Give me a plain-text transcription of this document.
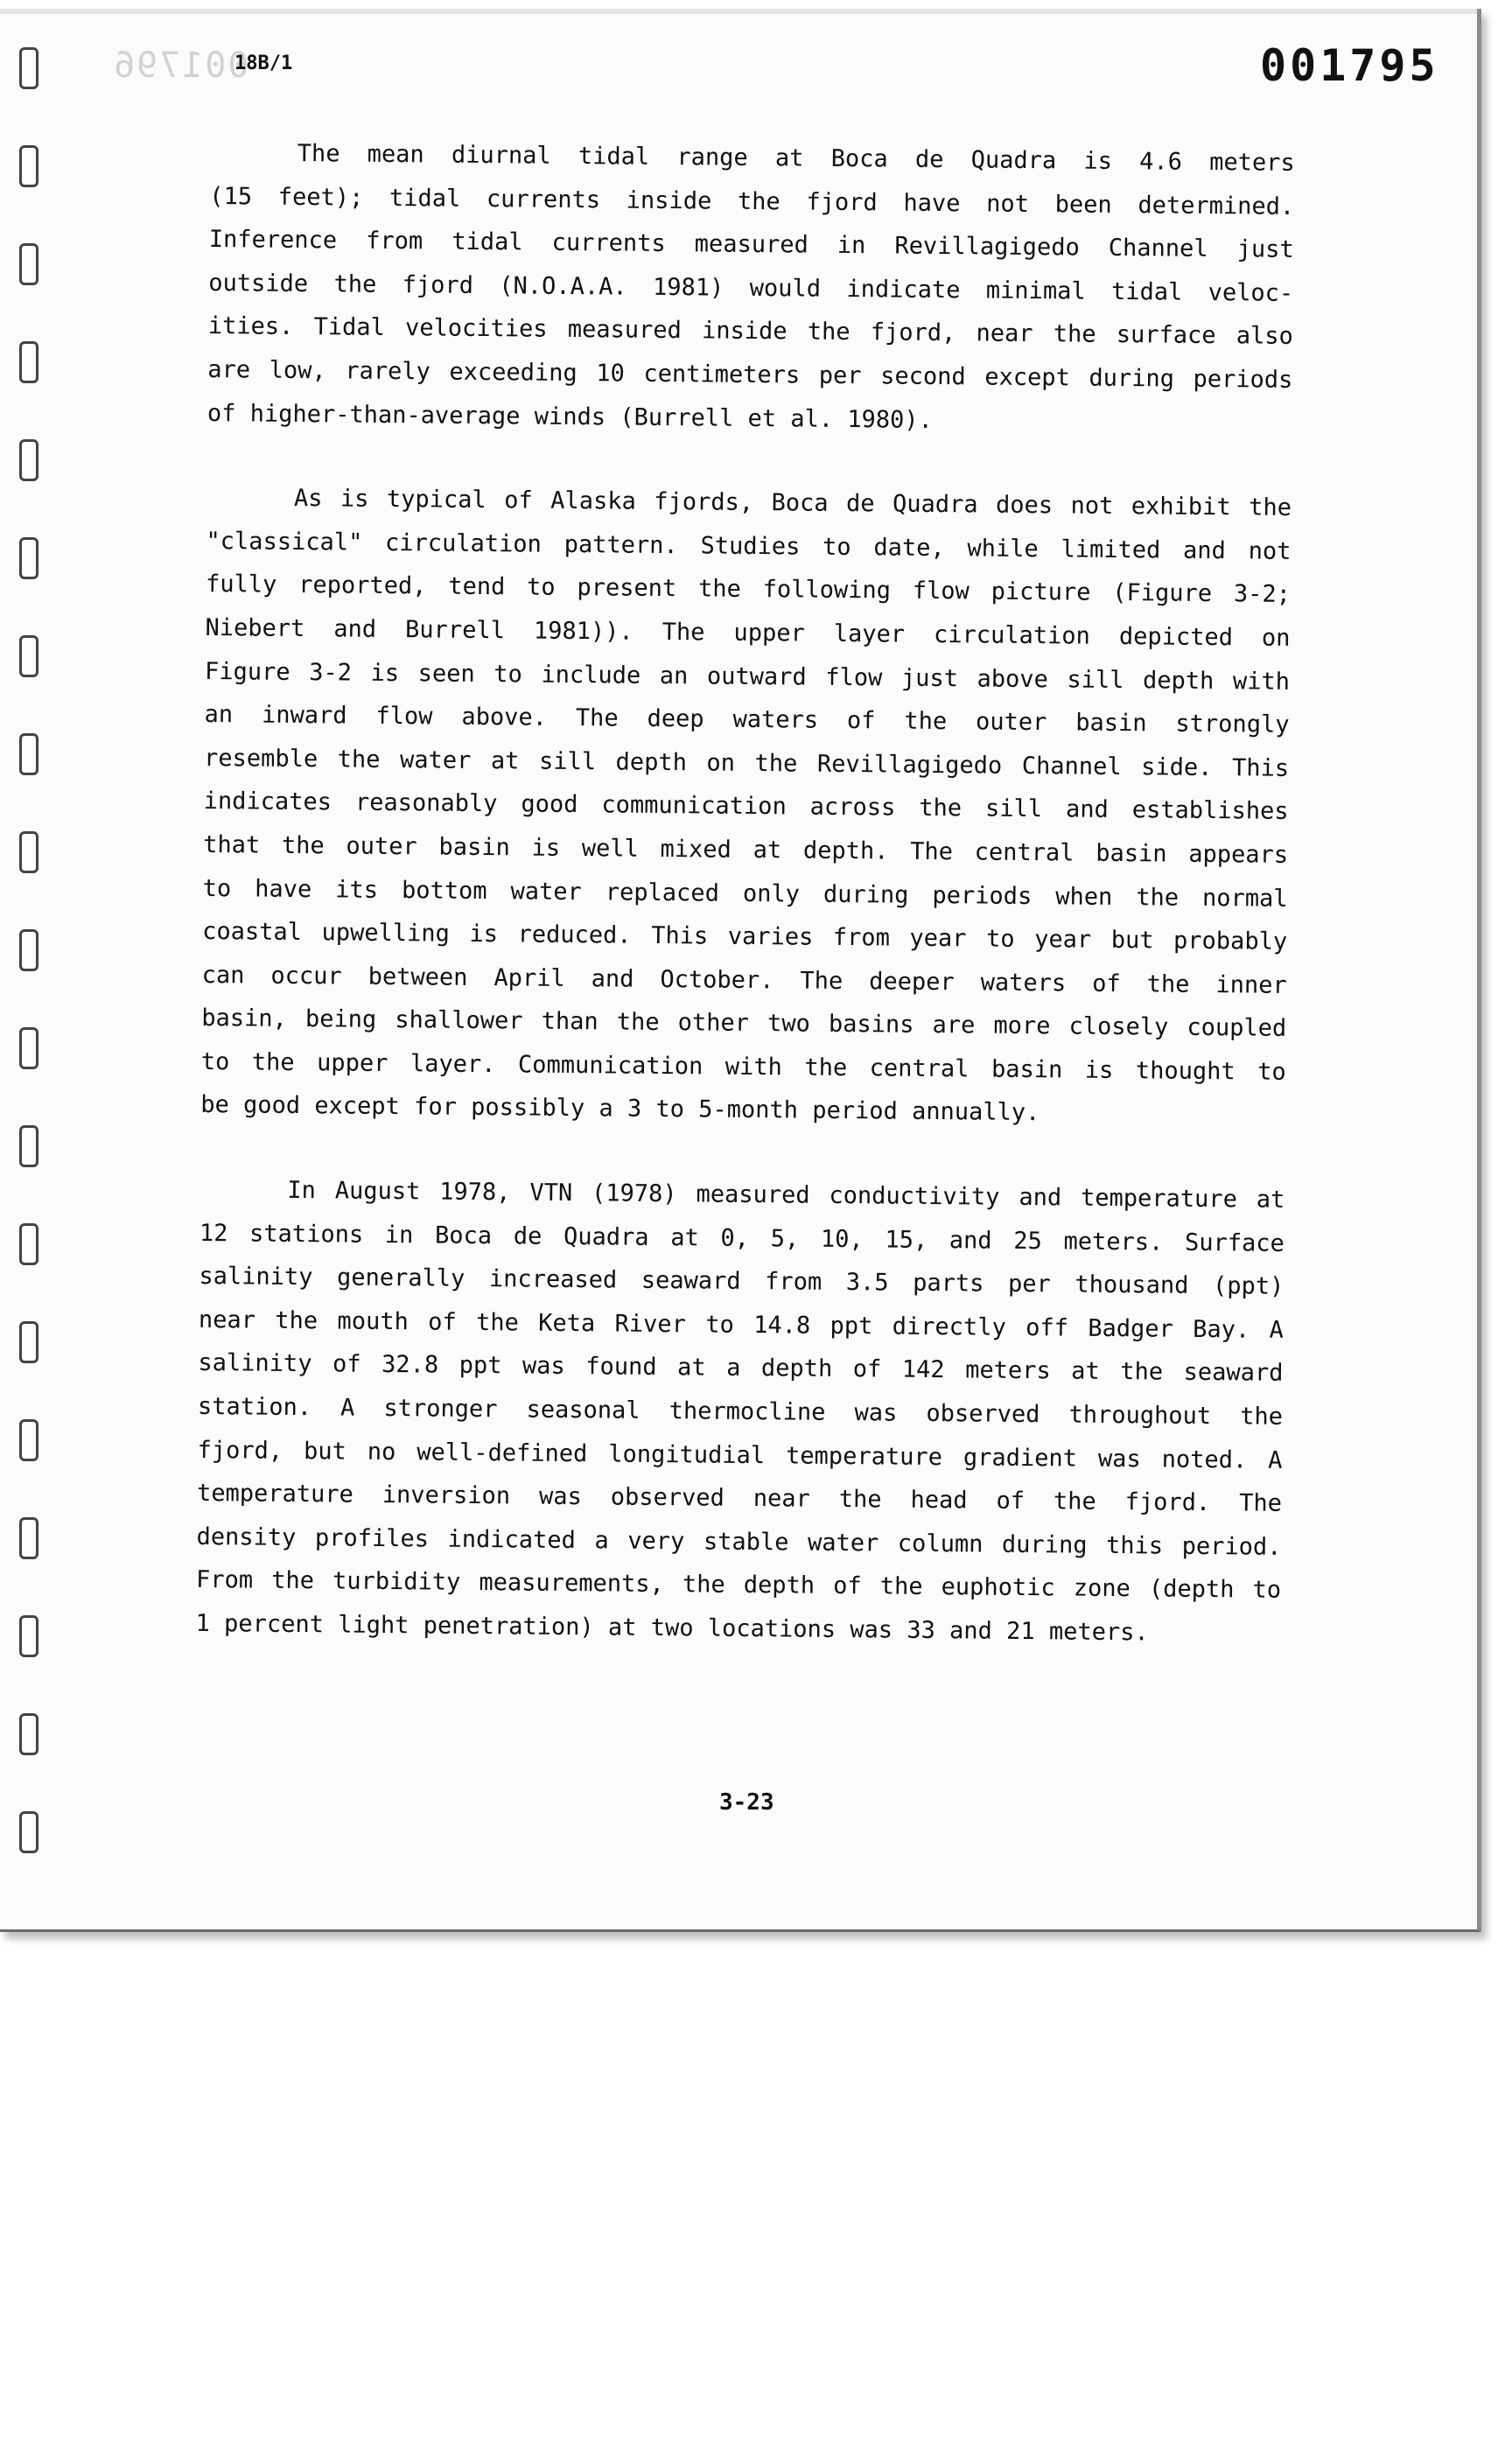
001796
18B/1	001795
The mean diurnal tidal range at Boca de Quadra is 4.6 meters
(15 feet); tidal currents inside the fjord have not been determined.
Inference from tidal currents measured in Revillagigedo Channel just
outside the fjord (N.O.A.A. 1981) would indicate minimal tidal veloc-
ities. Tidal velocities measured inside the fjord, near the surface also
are low, rarely exceeding 10 centimeters per second except during periods
of higher-than-average winds (Burrell et al. 1980).
As is typical of Alaska fjords, Boca de Quadra does not exhibit the
"classical" circulation pattern. Studies to date, while limited and not
fully reported, tend to present the following flow picture (Figure 3-2;
Niebert and Burrell 1981)). The upper layer circulation depicted on
Figure 3-2 is seen to include an outward flow just above sill depth with
an inward flow above. The deep waters of the outer basin strongly
resemble the water at sill depth on the Revillagigedo Channel side. This
indicates reasonably good communication across the sill and establishes
that the outer basin is well mixed at depth. The central basin appears
to have its bottom water replaced only during periods when the normal
coastal upwelling is reduced. This varies from year to year but probably
can occur between April and October. The deeper waters of the inner
basin, being shallower than the other two basins are more closely coupled
to the upper layer. Communication with the central basin is thought to
be good except for possibly a 3 to 5-month period annually.
In August 1978, VTN (1978) measured conductivity and temperature at
12 stations in Boca de Quadra at 0, 5, 10, 15, and 25 meters. Surface
salinity generally increased seaward from 3.5 parts per thousand (ppt)
near the mouth of the Keta River to 14.8 ppt directly off Badger Bay. A
salinity of 32.8 ppt was found at a depth of 142 meters at the seaward
station. A stronger seasonal thermocline was observed throughout the
fjord, but no well-defined longitudial temperature gradient was noted. A
temperature inversion was observed near the head of the fjord. The
density profiles indicated a very stable water column during this period.
From the turbidity measurements, the depth of the euphotic zone (depth to
1 percent light penetration) at two locations was 33 and 21 meters.
3-23
